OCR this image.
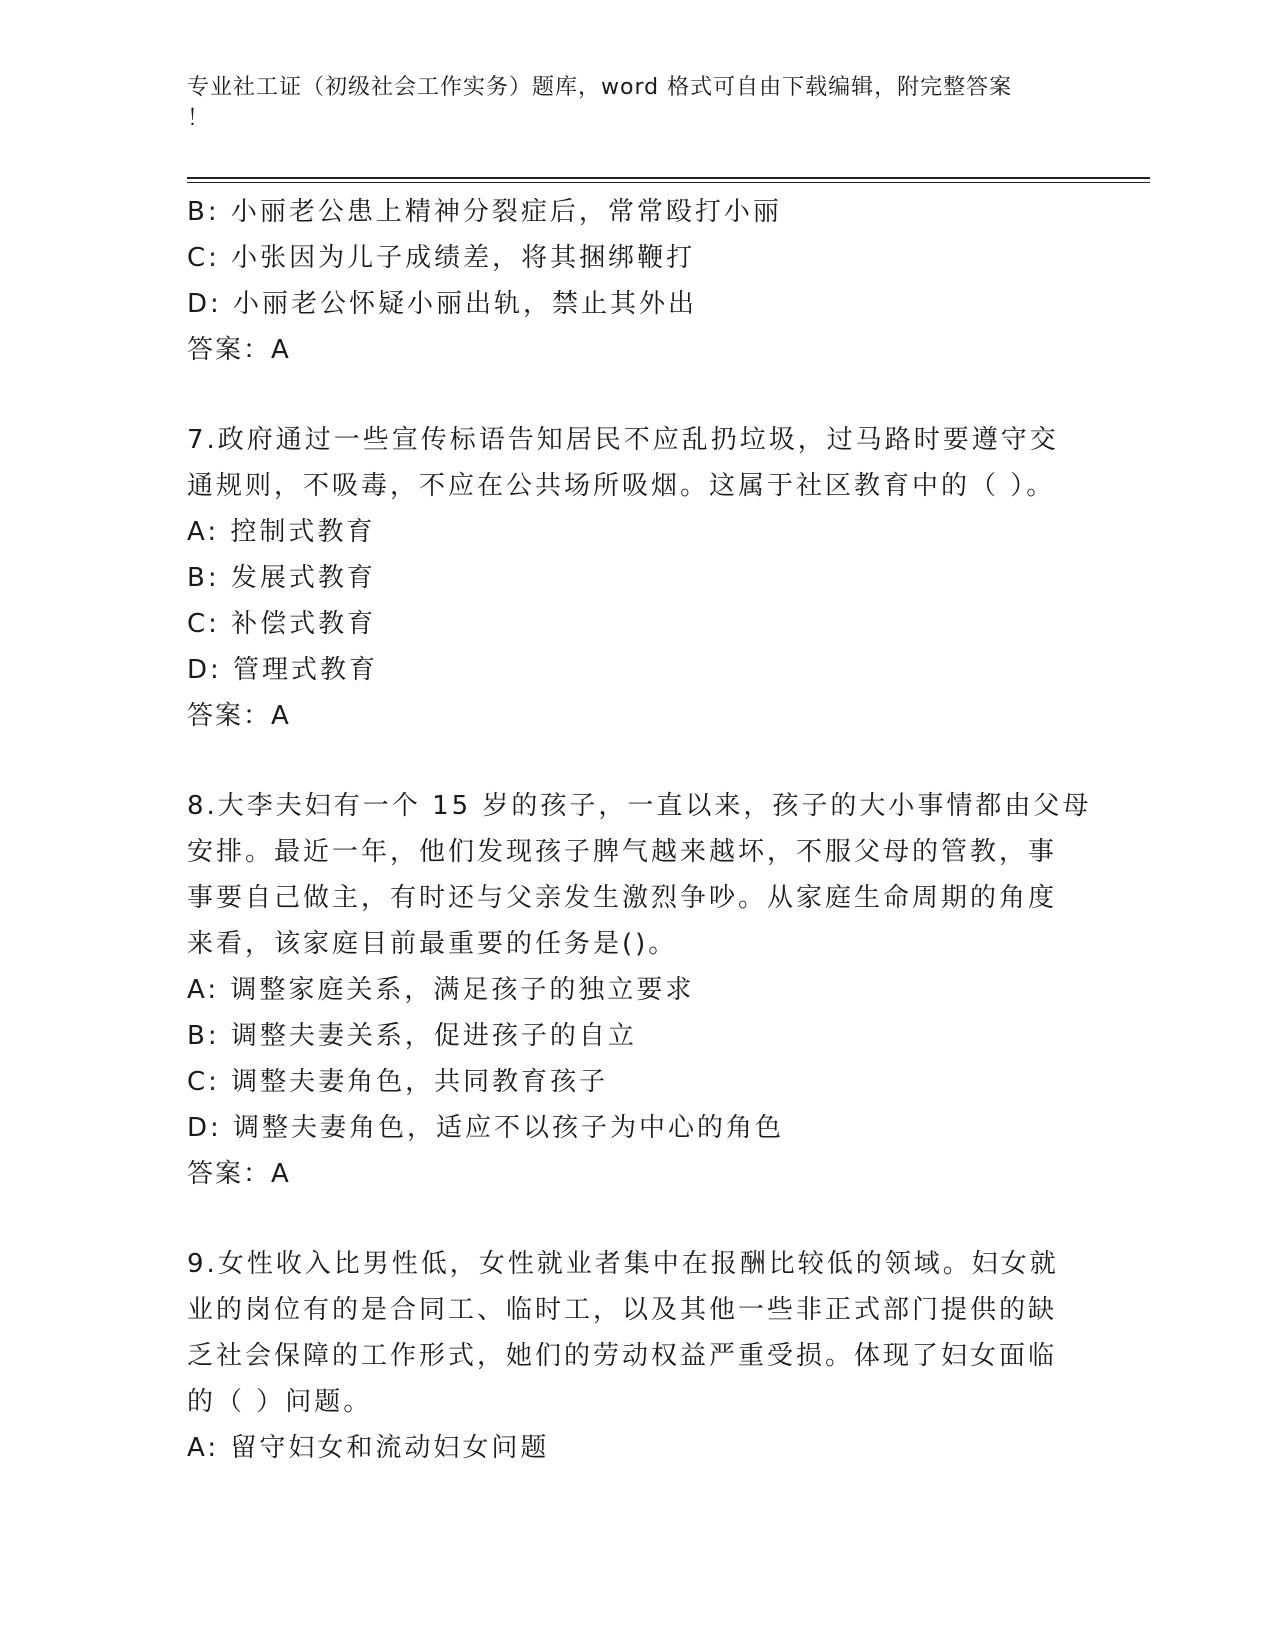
专业社工证（初级社会工作实务）题库，word 格式可自由下载编辑，附完整答案
！
B: 小丽老公患上精神分裂症后，常常殴打小丽
C: 小张因为儿子成绩差，将其捆绑鞭打
D: 小丽老公怀疑小丽出轨，禁止其外出
答案：A
7.政府通过一些宣传标语告知居民不应乱扔垃圾，过马路时要遵守交
通规则，不吸毒，不应在公共场所吸烟。这属于社区教育中的（ ）。
A: 控制式教育
B: 发展式教育
C: 补偿式教育
D: 管理式教育
答案：A
8.大李夫妇有一个 15 岁的孩子，一直以来，孩子的大小事情都由父母
安排。最近一年，他们发现孩子脾气越来越坏，不服父母的管教，事
事要自己做主，有时还与父亲发生激烈争吵。从家庭生命周期的角度
来看，该家庭目前最重要的任务是()。
A: 调整家庭关系，满足孩子的独立要求
B: 调整夫妻关系，促进孩子的自立
C: 调整夫妻角色，共同教育孩子
D: 调整夫妻角色，适应不以孩子为中心的角色
答案：A
9.女性收入比男性低，女性就业者集中在报酬比较低的领域。妇女就
业的岗位有的是合同工、临时工，以及其他一些非正式部门提供的缺
乏社会保障的工作形式，她们的劳动权益严重受损。体现了妇女面临
的（ ）问题。
A: 留守妇女和流动妇女问题
